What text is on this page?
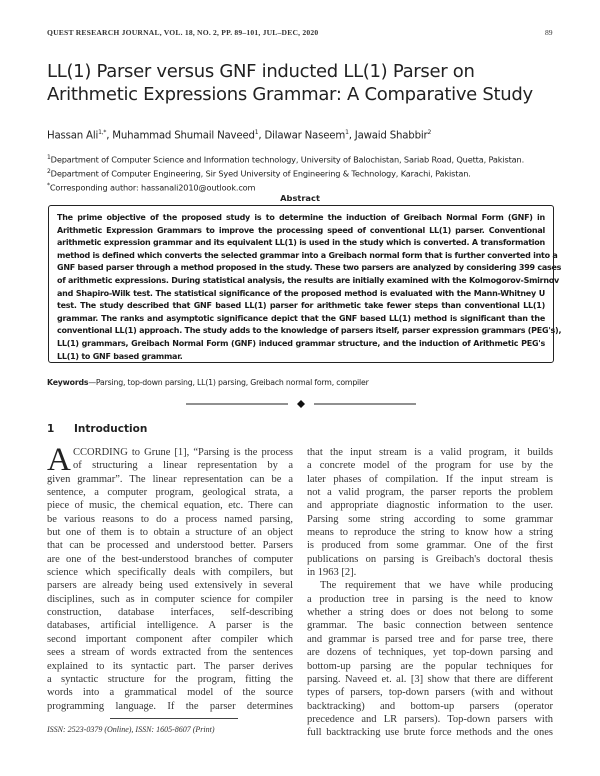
QUEST RESEARCH JOURNAL, VOL. 18, NO. 2, PP. 89–101, JUL–DEC, 2020	89
LL(1) Parser versus GNF inducted LL(1) Parser on Arithmetic Expressions Grammar: A Comparative Study
Hassan Ali$^{1,*}$, Muhammad Shumail Naveed$^1$, Dilawar Naseem$^1$, Jawaid Shabbir$^2$
$^1$Department of Computer Science and Information technology, University of Balochistan, Sariab Road, Quetta, Pakistan.
$^2$Department of Computer Engineering, Sir Syed University of Engineering & Technology, Karachi, Pakistan.
*Corresponding author: hassanali2010@outlook.com
Abstract
The prime objective of the proposed study is to determine the induction of Greibach Normal Form (GNF) in
Arithmetic Expression Grammars to improve the processing speed of conventional LL(1) parser. Conventional
arithmetic expression grammar and its equivalent LL(1) is used in the study which is converted. A transformation
method is defined which converts the selected grammar into a Greibach normal form that is further converted into a
GNF based parser through a method proposed in the study. These two parsers are analyzed by considering 399 cases
of arithmetic expressions. During statistical analysis, the results are initially examined with the Kolmogorov-Smirnov
and Shapiro-Wilk test. The statistical significance of the proposed method is evaluated with the Mann-Whitney U
test. The study described that GNF based LL(1) parser for arithmetic take fewer steps than conventional LL(1)
grammar. The ranks and asymptotic significance depict that the GNF based LL(1) method is significant than the
conventional LL(1) approach. The study adds to the knowledge of parsers itself, parser expression grammars (PEG's),
LL(1) grammars, Greibach Normal Form (GNF) induced grammar structure, and the induction of Arithmetic PEG's
LL(1) to GNF based grammar.
Keywords—Parsing, top-down parsing, LL(1) parsing, Greibach normal form, compiler
1 Introduction
A CCORDING to Grune [1], “Parsing is the process
of structuring a linear representation by a
given grammar”. The linear representation can be a
sentence, a computer program, geological strata, a
piece of music, the chemical equation, etc. There can
be various reasons to do a process named parsing,
but one of them is to obtain a structure of an object
that can be processed and understood better. Parsers
are one of the best-understood branches of computer
science which specifically deals with compilers, but
parsers are already being used extensively in several
disciplines, such as in computer science for compiler
construction, database interfaces, self-describing
databases, artificial intelligence. A parser is the
second important component after compiler which
sees a stream of words extracted from the sentences
explained to its syntactic part. The parser derives
a syntactic structure for the program, fitting the
words into a grammatical model of the source
programming language. If the parser determines
that the input stream is a valid program, it builds
a concrete model of the program for use by the
later phases of compilation. If the input stream is
not a valid program, the parser reports the problem
and appropriate diagnostic information to the user.
Parsing some string according to some grammar
means to reproduce the string to know how a string
is produced from some grammar. One of the first
publications on parsing is Greibach's doctoral thesis
in 1963 [2].
The requirement that we have while producing
a production tree in parsing is the need to know
whether a string does or does not belong to some
grammar. The basic connection between sentence
and grammar is parsed tree and for parse tree, there
are dozens of techniques, yet top-down parsing and
bottom-up parsing are the popular techniques for
parsing. Naveed et. al. [3] show that there are different
types of parsers, top-down parsers (with and without
backtracking) and bottom-up parsers (operator
precedence and LR parsers). Top-down parsers with
full backtracking use brute force methods and the ones
ISSN: 2523-0379 (Online), ISSN: 1605-8607 (Print)
